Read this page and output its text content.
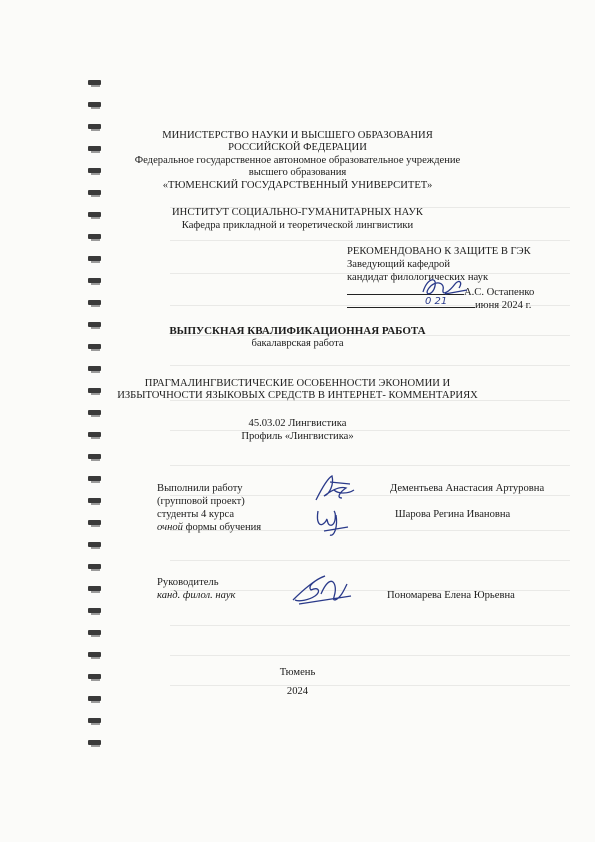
МИНИСТЕРСТВО НАУКИ И ВЫСШЕГО ОБРАЗОВАНИЯ
РОССИЙСКОЙ ФЕДЕРАЦИИ
Федеральное государственное автономное образовательное учреждение
высшего образования
«ТЮМЕНСКИЙ ГОСУДАРСТВЕННЫЙ УНИВЕРСИТЕТ»
ИНСТИТУТ СОЦИАЛЬНО-ГУМАНИТАРНЫХ НАУК
Кафедра прикладной и теоретической лингвистики
РЕКОМЕНДОВАНО К ЗАЩИТЕ В ГЭК
Заведующий кафедрой
кандидат филологических наук
А.С. Остапенко
июня 2024 г.
0 21
ВЫПУСКНАЯ КВАЛИФИКАЦИОННАЯ РАБОТА
бакалаврская работа
ПРАГМАЛИНГВИСТИЧЕСКИЕ ОСОБЕННОСТИ ЭКОНОМИИ И
ИЗБЫТОЧНОСТИ ЯЗЫКОВЫХ СРЕДСТВ В ИНТЕРНЕТ- КОММЕНТАРИЯХ
45.03.02 Лингвистика
Профиль «Лингвистика»
Выполнили работу
(групповой проект)
студенты 4 курса
очной формы обучения
Дементьева Анастасия Артуровна
Шарова Регина Ивановна
Руководитель
канд. филол. наук	Пономарева Елена Юрьевна
Тюмень
2024
